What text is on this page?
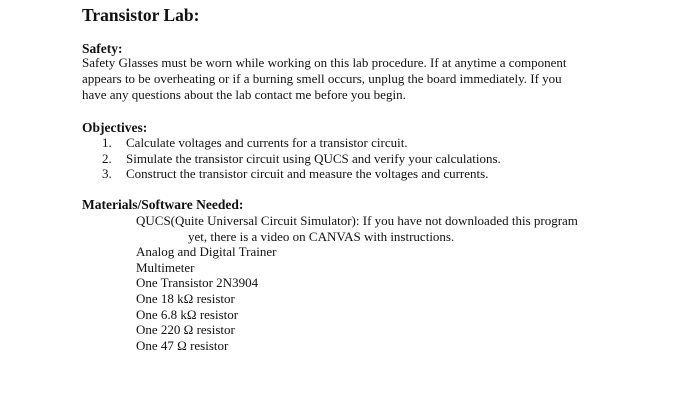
Transistor Lab:
Safety:
Safety Glasses must be worn while working on this lab procedure. If at anytime a component
appears to be overheating or if a burning smell occurs, unplug the board immediately. If you
have any questions about the lab contact me before you begin.
Objectives:
1.	Calculate voltages and currents for a transistor circuit.
2.	Simulate the transistor circuit using QUCS and verify your calculations.
3.	Construct the transistor circuit and measure the voltages and currents.
Materials/Software Needed:
QUCS(Quite Universal Circuit Simulator): If you have not downloaded this program
yet, there is a video on CANVAS with instructions.
Analog and Digital Trainer
Multimeter
One Transistor 2N3904
One 18 kΩ resistor
One 6.8 kΩ resistor
One 220 Ω resistor
One 47 Ω resistor
